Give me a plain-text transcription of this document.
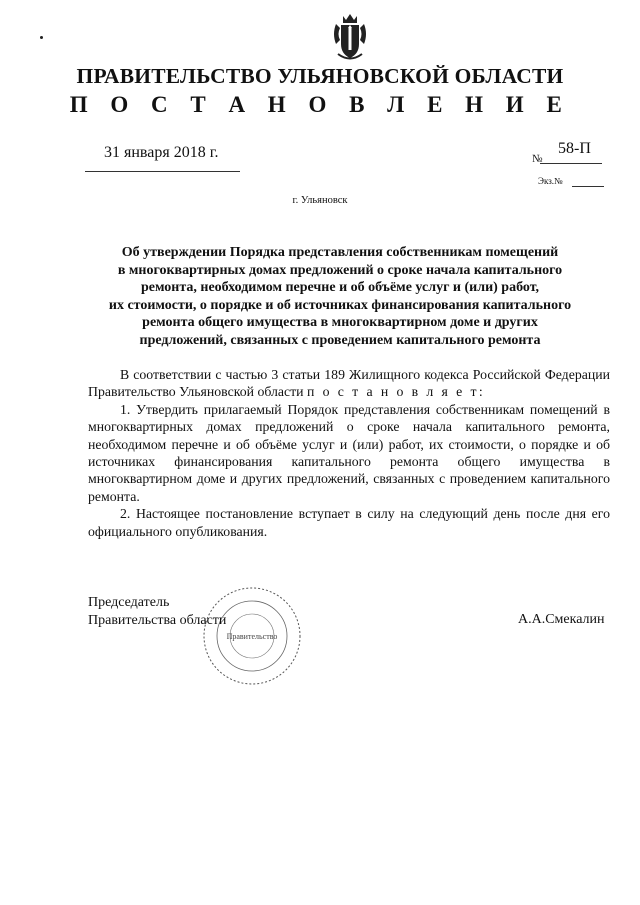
ПРАВИТЕЛЬСТВО УЛЬЯНОВСКОЙ ОБЛАСТИ
П О С Т А Н О В Л Е Н И Е
31 января 2018 г.	№
58-П
Экз.№
г. Ульяновск
Об утверждении Порядка представления собственникам помещений
в многоквартирных домах предложений о сроке начала капитального
ремонта, необходимом перечне и об объёме услуг и (или) работ,
их стоимости, о порядке и об источниках финансирования капитального
ремонта общего имущества в многоквартирном доме и других
предложений, связанных с проведением капитального ремонта

В соответствии с частью 3 статьи 189 Жилищного кодекса Российской Федерации Правительство Ульяновской области п о с т а н о в л я е т:

1. Утвердить прилагаемый Порядок представления собственникам помещений в многоквартирных домах предложений о сроке начала капитального ремонта, необходимом перечне и об объёме услуг и (или) работ, их стоимости, о порядке и об источниках финансирования капитального ремонта общего имущества в многоквартирном доме и других предложений, связанных с проведением капитального ремонта.

2. Настоящее постановление вступает в силу на следующий день после дня его официального опубликования.

Правительство
Председатель
Правительства области	А.А.Смекалин
